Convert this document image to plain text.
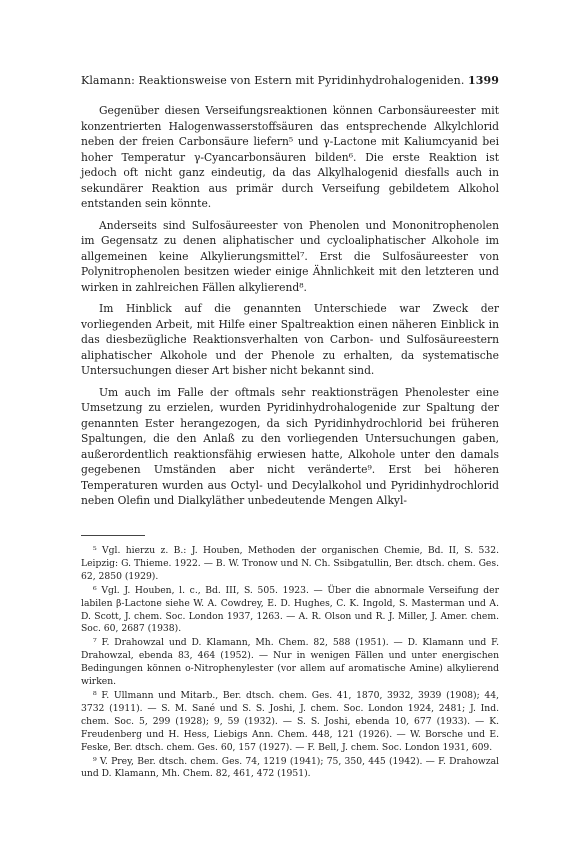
Klamann: Reaktionsweise von Estern mit Pyridinhydrohalogeniden. 1399

Gegenüber diesen Verseifungsreaktionen können Carbonsäureester mit konzentrierten Halogenwasserstoffsäuren das entsprechende Alkylchlorid neben der freien Carbonsäure liefern⁵ und γ-Lactone mit Kaliumcyanid bei hoher Temperatur γ-Cyancarbonsäuren bilden⁶. Die erste Reaktion ist jedoch oft nicht ganz eindeutig, da das Alkylhalogenid diesfalls auch in sekundärer Reaktion aus primär durch Verseifung gebildetem Alkohol entstanden sein könnte.

Anderseits sind Sulfosäureester von Phenolen und Mononitrophenolen im Gegensatz zu denen aliphatischer und cycloaliphatischer Alkohole im allgemeinen keine Alkylierungsmittel⁷. Erst die Sulfosäureester von Polynitrophenolen besitzen wieder einige Ähnlichkeit mit den letzteren und wirken in zahlreichen Fällen alkylierend⁸.

Im Hinblick auf die genannten Unterschiede war Zweck der vorliegenden Arbeit, mit Hilfe einer Spaltreaktion einen näheren Einblick in das diesbezügliche Reaktionsverhalten von Carbon- und Sulfosäureestern aliphatischer Alkohole und der Phenole zu erhalten, da systematische Untersuchungen dieser Art bisher nicht bekannt sind.

Um auch im Falle der oftmals sehr reaktionsträgen Phenolester eine Umsetzung zu erzielen, wurden Pyridinhydrohalogenide zur Spaltung der genannten Ester herangezogen, da sich Pyridinhydrochlorid bei früheren Spaltungen, die den Anlaß zu den vorliegenden Untersuchungen gaben, außerordentlich reaktionsfähig erwiesen hatte, Alkohole unter den damals gegebenen Umständen aber nicht veränderte⁹. Erst bei höheren Temperaturen wurden aus Octyl- und Decylalkohol und Pyridinhydrochlorid neben Olefin und Dialkyläther unbedeutende Mengen Alkyl-

⁵ Vgl. hierzu z. B.: J. Houben, Methoden der organischen Chemie, Bd. II, S. 532. Leipzig: G. Thieme. 1922. — B. W. Tronow und N. Ch. Ssibgatullin, Ber. dtsch. chem. Ges. 62, 2850 (1929).

⁶ Vgl. J. Houben, l. c., Bd. III, S. 505. 1923. — Über die abnormale Verseifung der labilen β-Lactone siehe W. A. Cowdrey, E. D. Hughes, C. K. Ingold, S. Masterman und A. D. Scott, J. chem. Soc. London 1937, 1263. — A. R. Olson und R. J. Miller, J. Amer. chem. Soc. 60, 2687 (1938).

⁷ F. Drahowzal und D. Klamann, Mh. Chem. 82, 588 (1951). — D. Klamann und F. Drahowzal, ebenda 83, 464 (1952). — Nur in wenigen Fällen und unter energischen Bedingungen können o-Nitrophenylester (vor allem auf aromatische Amine) alkylierend wirken.

⁸ F. Ullmann und Mitarb., Ber. dtsch. chem. Ges. 41, 1870, 3932, 3939 (1908); 44, 3732 (1911). — S. M. Sané und S. S. Joshi, J. chem. Soc. London 1924, 2481; J. Ind. chem. Soc. 5, 299 (1928); 9, 59 (1932). — S. S. Joshi, ebenda 10, 677 (1933). — K. Freudenberg und H. Hess, Liebigs Ann. Chem. 448, 121 (1926). — W. Borsche und E. Feske, Ber. dtsch. chem. Ges. 60, 157 (1927). — F. Bell, J. chem. Soc. London 1931, 609.

⁹ V. Prey, Ber. dtsch. chem. Ges. 74, 1219 (1941); 75, 350, 445 (1942). — F. Drahowzal und D. Klamann, Mh. Chem. 82, 461, 472 (1951).
